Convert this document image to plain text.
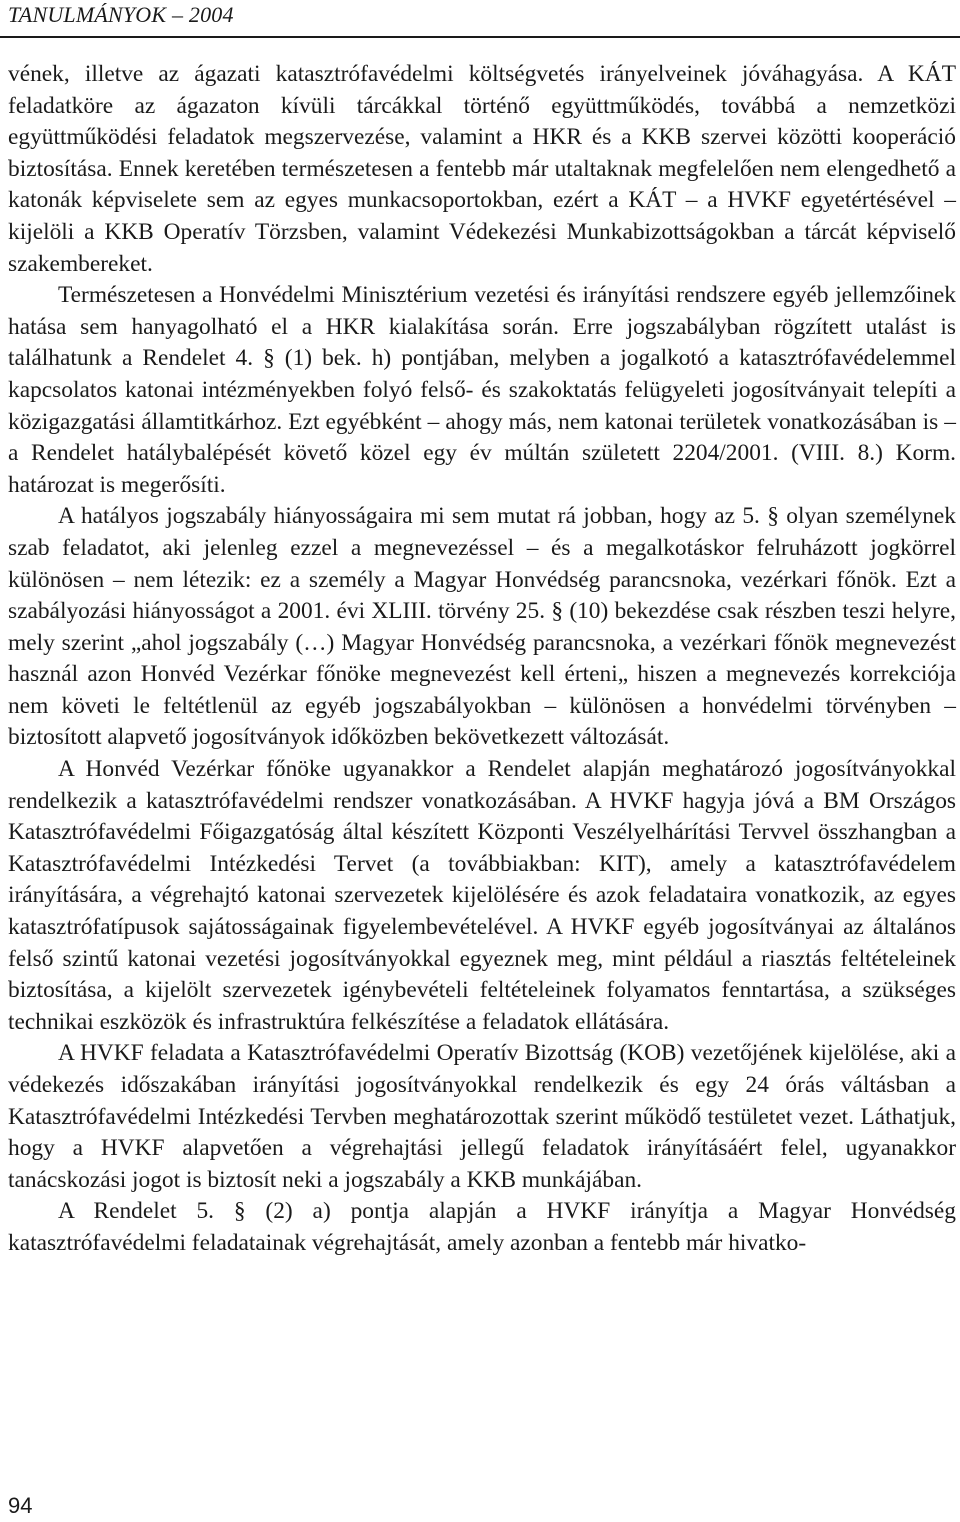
TANULMÁNYOK – 2004

vének, illetve az ágazati katasztrófavédelmi költségvetés irányelveinek jóváhagyása. A KÁT feladatköre az ágazaton kívüli tárcákkal történő együttműködés, továbbá a nemzetközi együttműködési feladatok megszervezése, valamint a HKR és a KKB szervei közötti kooperáció biztosítása. Ennek keretében természetesen a fentebb már utaltaknak megfelelően nem elengedhető a katonák képviselete sem az egyes munkacsoportokban, ezért a KÁT – a HVKF egyetértésével – kijelöli a KKB Operatív Törzsben, valamint Védekezési Munkabizottságokban a tárcát képviselő szakembereket.

Természetesen a Honvédelmi Minisztérium vezetési és irányítási rendszere egyéb jellemzőinek hatása sem hanyagolható el a HKR kialakítása során. Erre jogszabályban rögzített utalást is találhatunk a Rendelet 4. § (1) bek. h) pontjában, melyben a jogalkotó a katasztrófavédelemmel kapcsolatos katonai intézményekben folyó felső- és szakoktatás felügyeleti jogosítványait telepíti a közigazgatási államtitkárhoz. Ezt egyébként – ahogy más, nem katonai területek vonatkozásában is – a Rendelet hatálybalépését követő közel egy év múltán született 2204/2001. (VIII. 8.) Korm. határozat is megerősíti.

A hatályos jogszabály hiányosságaira mi sem mutat rá jobban, hogy az 5. § olyan személynek szab feladatot, aki jelenleg ezzel a megnevezéssel – és a megalkotáskor felruházott jogkörrel különösen – nem létezik: ez a személy a Magyar Honvédség parancsnoka, vezérkari főnök. Ezt a szabályozási hiányosságot a 2001. évi XLIII. törvény 25. § (10) bekezdése csak részben teszi helyre, mely szerint „ahol jogszabály (…) Magyar Honvédség parancsnoka, a vezérkari főnök megnevezést használ azon Honvéd Vezérkar főnöke megnevezést kell érteni„ hiszen a megnevezés korrekciója nem követi le feltétlenül az egyéb jogszabályokban – különösen a honvédelmi törvényben – biztosított alapvető jogosítványok időközben bekövetkezett változását.

A Honvéd Vezérkar főnöke ugyanakkor a Rendelet alapján meghatározó jogosítványokkal rendelkezik a katasztrófavédelmi rendszer vonatkozásában. A HVKF hagyja jóvá a BM Országos Katasztrófavédelmi Főigazgatóság által készített Központi Veszélyelhárítási Tervvel összhangban a Katasztrófavédelmi Intézkedési Tervet (a továbbiakban: KIT), amely a katasztrófavédelem irányítására, a végrehajtó katonai szervezetek kijelölésére és azok feladataira vonatkozik, az egyes katasztrófatípusok sajátosságainak figyelembevételével. A HVKF egyéb jogosítványai az általános felső szintű katonai vezetési jogosítványokkal egyeznek meg, mint például a riasztás feltételeinek biztosítása, a kijelölt szervezetek igénybevételi feltételeinek folyamatos fenntartása, a szükséges technikai eszközök és infrastruktúra felkészítése a feladatok ellátására.

A HVKF feladata a Katasztrófavédelmi Operatív Bizottság (KOB) vezetőjének kijelölése, aki a védekezés időszakában irányítási jogosítványokkal rendelkezik és egy 24 órás váltásban a Katasztrófavédelmi Intézkedési Tervben meghatározottak szerint működő testületet vezet. Láthatjuk, hogy a HVKF alapvetően a végrehajtási jellegű feladatok irányításáért felel, ugyanakkor tanácskozási jogot is biztosít neki a jogszabály a KKB munkájában.

A Rendelet 5. § (2) a) pontja alapján a HVKF irányítja a Magyar Honvédség katasztrófavédelmi feladatainak végrehajtását, amely azonban a fentebb már hivatko-

94
